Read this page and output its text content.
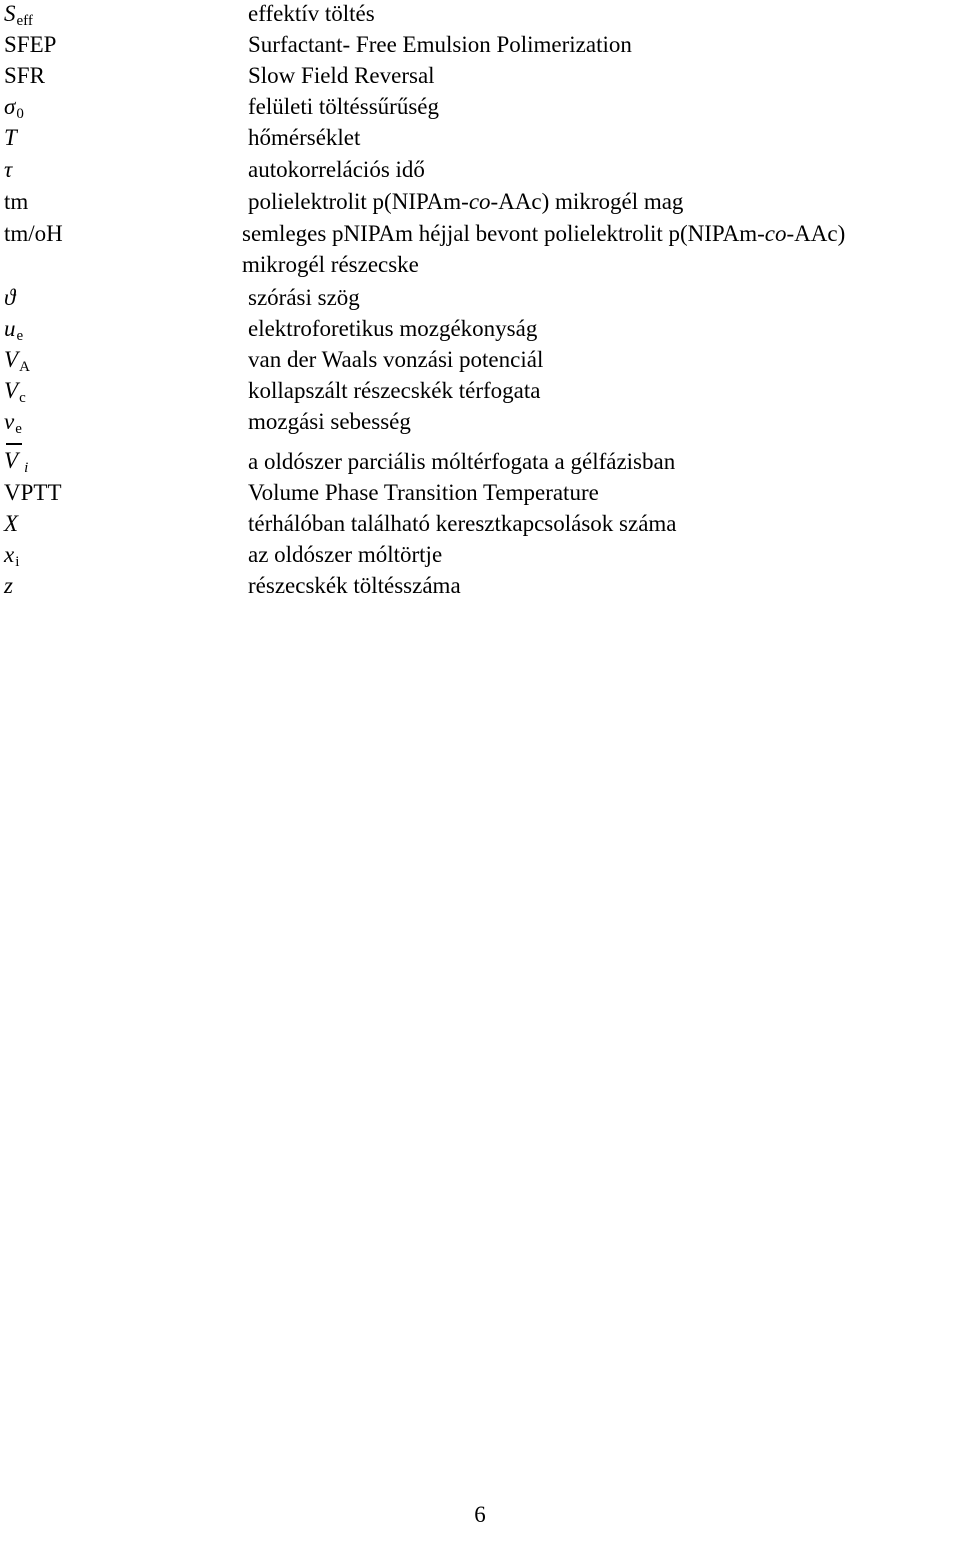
Seff	effektív töltés
SFEP	Surfactant- Free Emulsion Polimerization
SFR	Slow Field Reversal
σ0	felületi töltéssűrűség
T	hőmérséklet
τ	autokorrelációs idő
tm	polielektrolit p(NIPAm-co-AAc) mikrogél mag
tm/oH	semleges pNIPAm héjjal bevont polielektrolit p(NIPAm-co-AAc)
mikrogél részecske
ϑ	szórási szög
ue	elektroforetikus mozgékonyság
VA	van der Waals vonzási potenciál
Vc	kollapszált részecskék térfogata
ve	mozgási sebesség
Vi	a oldószer parciális móltérfogata a gélfázisban
VPTT	Volume Phase Transition Temperature
X	térhálóban található keresztkapcsolások száma
xi	az oldószer móltörtje
z	részecskék töltésszáma
6
